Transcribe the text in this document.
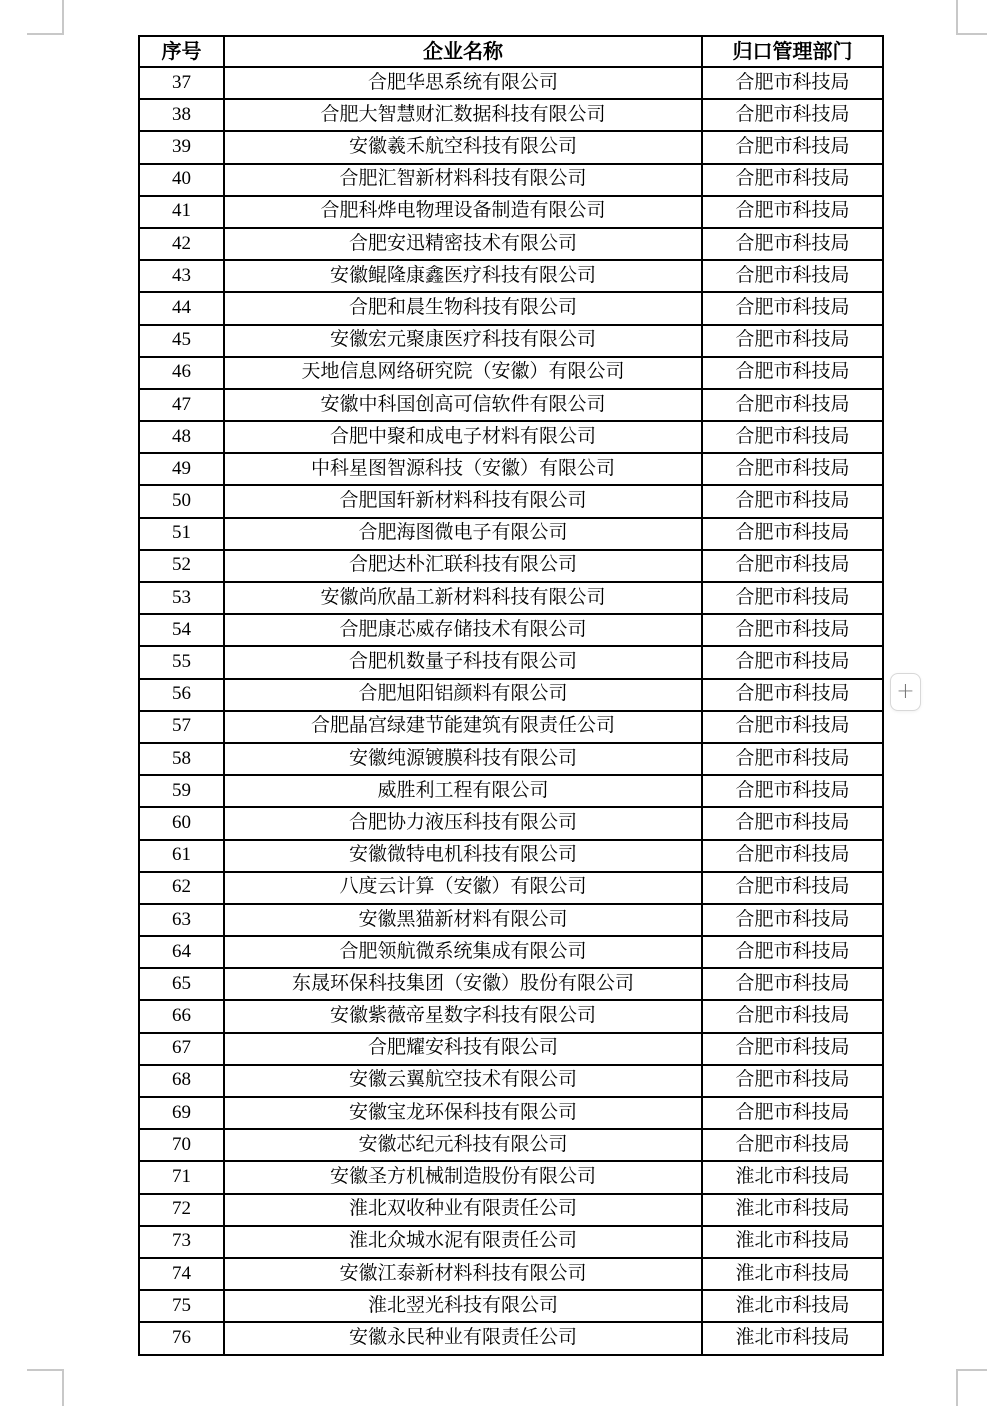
序号	企业名称	归口管理部门
37	合肥华思系统有限公司	合肥市科技局
38	合肥大智慧财汇数据科技有限公司	合肥市科技局
39	安徽羲禾航空科技有限公司	合肥市科技局
40	合肥汇智新材料科技有限公司	合肥市科技局
41	合肥科烨电物理设备制造有限公司	合肥市科技局
42	合肥安迅精密技术有限公司	合肥市科技局
43	安徽鲲隆康鑫医疗科技有限公司	合肥市科技局
44	合肥和晨生物科技有限公司	合肥市科技局
45	安徽宏元聚康医疗科技有限公司	合肥市科技局
46	天地信息网络研究院（安徽）有限公司	合肥市科技局
47	安徽中科国创高可信软件有限公司	合肥市科技局
48	合肥中聚和成电子材料有限公司	合肥市科技局
49	中科星图智源科技（安徽）有限公司	合肥市科技局
50	合肥国轩新材料科技有限公司	合肥市科技局
51	合肥海图微电子有限公司	合肥市科技局
52	合肥达朴汇联科技有限公司	合肥市科技局
53	安徽尚欣晶工新材料科技有限公司	合肥市科技局
54	合肥康芯威存储技术有限公司	合肥市科技局
55	合肥机数量子科技有限公司	合肥市科技局
56	合肥旭阳铝颜料有限公司	合肥市科技局
57	合肥晶宫绿建节能建筑有限责任公司	合肥市科技局
58	安徽纯源镀膜科技有限公司	合肥市科技局
59	威胜利工程有限公司	合肥市科技局
60	合肥协力液压科技有限公司	合肥市科技局
61	安徽微特电机科技有限公司	合肥市科技局
62	八度云计算（安徽）有限公司	合肥市科技局
63	安徽黑猫新材料有限公司	合肥市科技局
64	合肥领航微系统集成有限公司	合肥市科技局
65	东晟环保科技集团（安徽）股份有限公司	合肥市科技局
66	安徽紫薇帝星数字科技有限公司	合肥市科技局
67	合肥耀安科技有限公司	合肥市科技局
68	安徽云翼航空技术有限公司	合肥市科技局
69	安徽宝龙环保科技有限公司	合肥市科技局
70	安徽芯纪元科技有限公司	合肥市科技局
71	安徽圣方机械制造股份有限公司	淮北市科技局
72	淮北双收种业有限责任公司	淮北市科技局
73	淮北众城水泥有限责任公司	淮北市科技局
74	安徽江泰新材料科技有限公司	淮北市科技局
75	淮北翌光科技有限公司	淮北市科技局
76	安徽永民种业有限责任公司	淮北市科技局
+
